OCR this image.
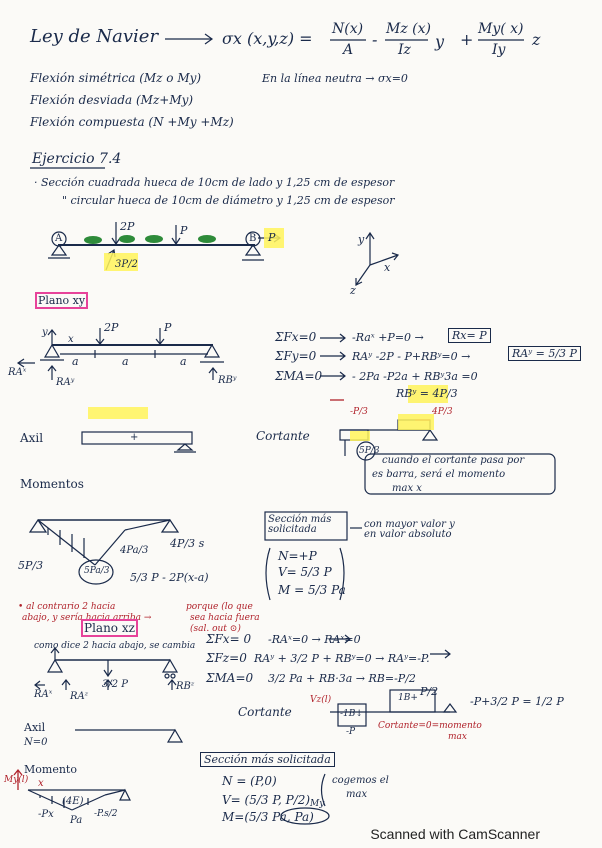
Ley de Navier	σx (x,y,z) = N(x)
A
-
Mz (x)
Iz y +
My( x)
Iy
z
Flexión simétrica (Mz o My)
Flexión desviada (Mz+My)
Flexión compuesta (N +My +Mz)
En la línea neutra → σx=0
Ejercicio 7.4
· Sección cuadrada hueca de 10cm de lado y 1,25 cm de espesor
" circular hueca de 10cm de diámetro y 1,25 cm de espesor
A	B
2P	P
P
3P/2
y
x
z
Plano xy
y
x
2P	P
a	a	a
RAˣ
RAʸ	RBʸ
ΣFx=0	-Raˣ +P=0 →	Rx= P
ΣFy=0	RAʸ -2P - P+RBʸ=0 →	RAʸ = 5/3 P
ΣMA=0	- 2Pa -P2a + RBʸ3a =0
RBʸ = 4P/3
-P/3	4P/3
5P/3
Axil	+	Cortante
cuando el cortante pasa por
es barra, será el momento
max x
Momentos
4Pa/3
4P/3 s
5Pa/3
5P/3
5/3 P - 2P(x-a)
Sección más solicitada
N=+P
V= 5/3 P
M = 5/3 Pa
con mayor valor y en valor absoluto
• al contrario 2 hacia
abajo, y sería hacia arriba →
porque (lo que
sea hacia fuera
(sal. out ⊙)
Plano xz
como dice 2 hacia abajo, se cambia
RAˣ RAᶻ
3/2 P	RBᶻ
ΣFx= 0 -RAˣ=0 → RAˣ=0
ΣFz=0 RAʸ + 3/2 P + RBʸ=0 → RAʸ=-P.
ΣMA=0 3/2 Pa + RB·3a → RB=-P/2
Cortante
Vz(l)
P/2
1B+
-1B↓
-P
-P+3/2 P = 1/2 P
Cortante=0=momento
max
Axil
N=0
Momento
My(l) x
(4E)
-Px
Pa
-P.s/2
Sección más solicitada
N = (P,0)
V= (5/3 P, P/2)
M=(5/3 Pa, Pa)
My
cogemos el
max
Scanned with CamScanner
